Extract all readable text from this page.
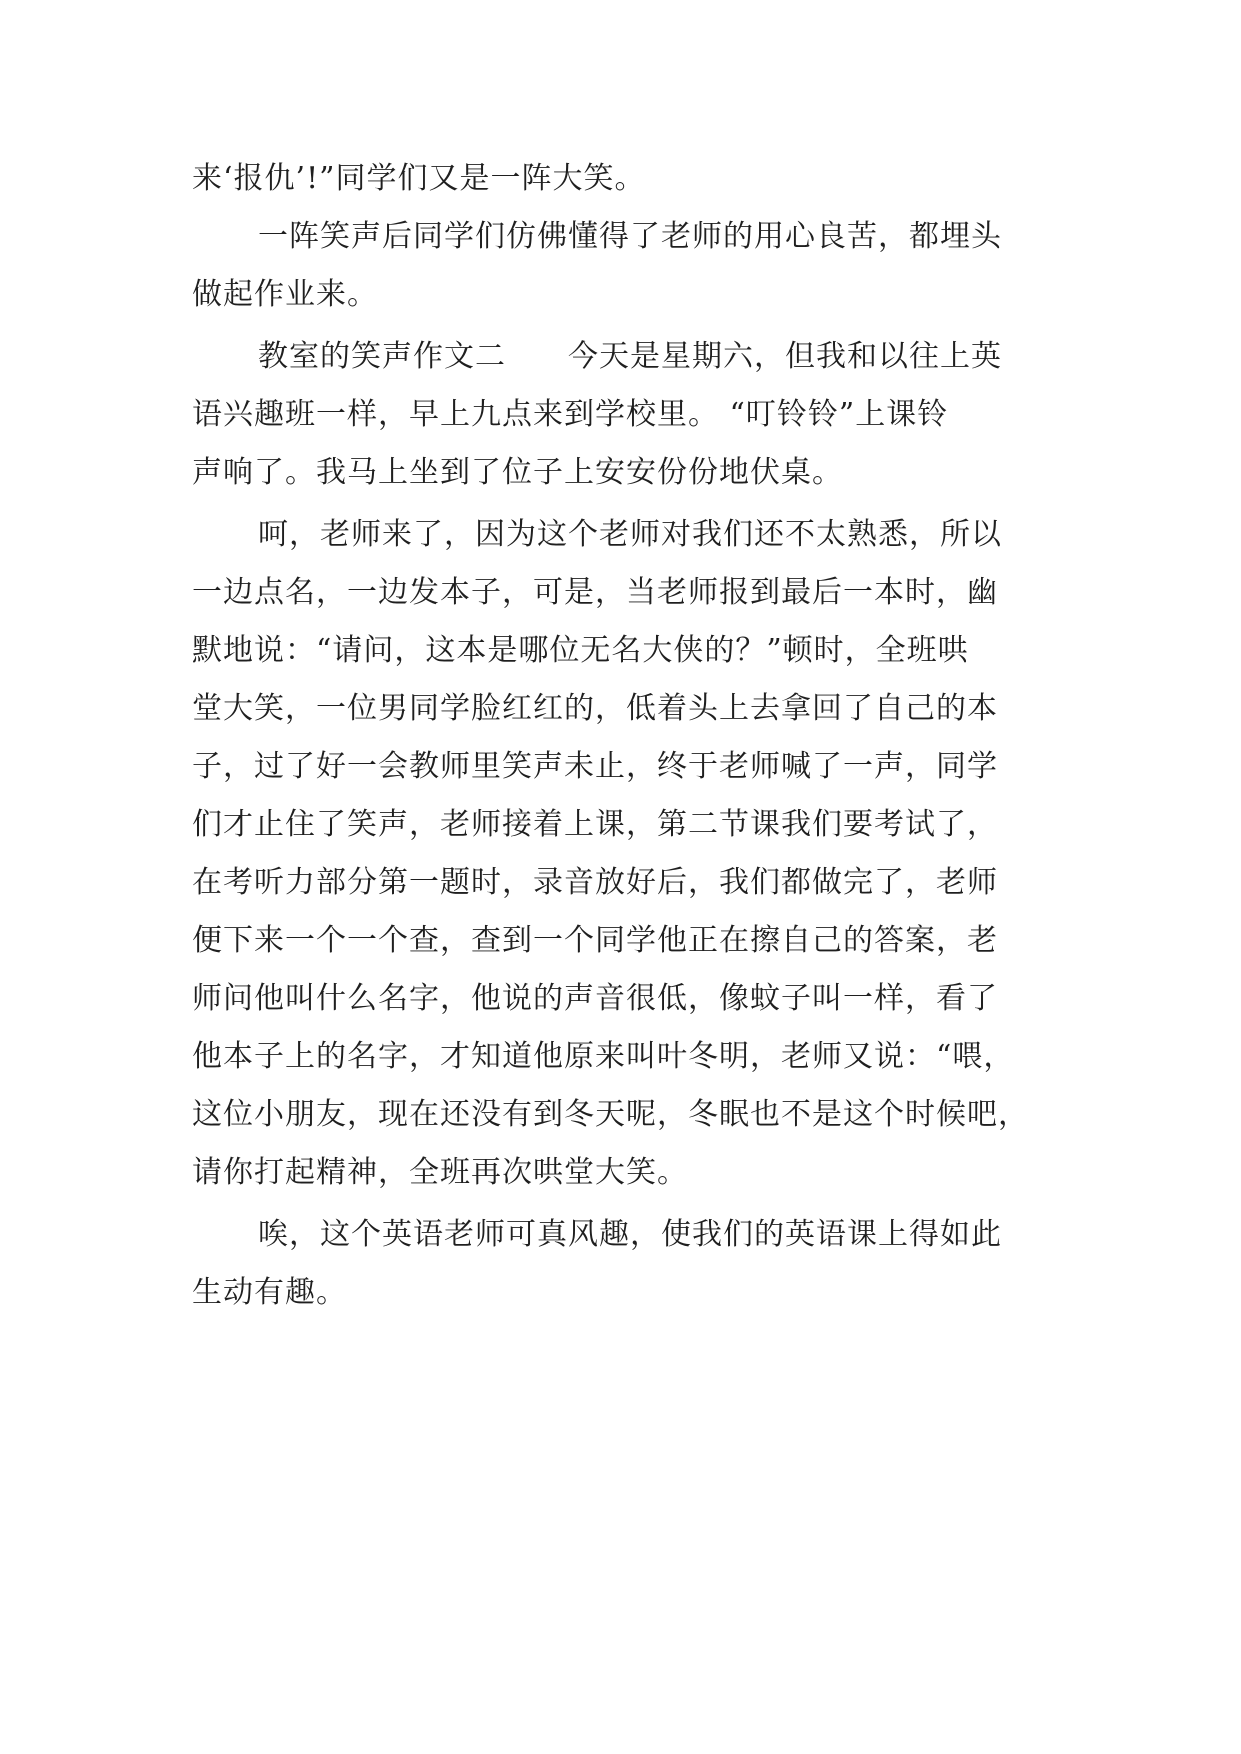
来‘报仇’!”同学们又是一阵大笑。
一阵笑声后同学们仿佛懂得了老师的用心良苦，都埋头
做起作业来。
教室的笑声作文二　　今天是星期六，但我和以往上英
语兴趣班一样，早上九点来到学校里。 “叮铃铃”上课铃
声响了。我马上坐到了位子上安安份份地伏桌。
呵，老师来了，因为这个老师对我们还不太熟悉，所以
一边点名，一边发本子，可是，当老师报到最后一本时，幽
默地说：“请问，这本是哪位无名大侠的？”顿时，全班哄
堂大笑，一位男同学脸红红的，低着头上去拿回了自己的本
子，过了好一会教师里笑声未止，终于老师喊了一声，同学
们才止住了笑声，老师接着上课，第二节课我们要考试了，
在考听力部分第一题时，录音放好后，我们都做完了，老师
便下来一个一个查，查到一个同学他正在擦自己的答案，老
师问他叫什么名字，他说的声音很低，像蚊子叫一样，看了
他本子上的名字，才知道他原来叫叶冬明，老师又说：“喂，
这位小朋友，现在还没有到冬天呢，冬眠也不是这个时候吧，
请你打起精神，全班再次哄堂大笑。
唉，这个英语老师可真风趣，使我们的英语课上得如此
生动有趣。
